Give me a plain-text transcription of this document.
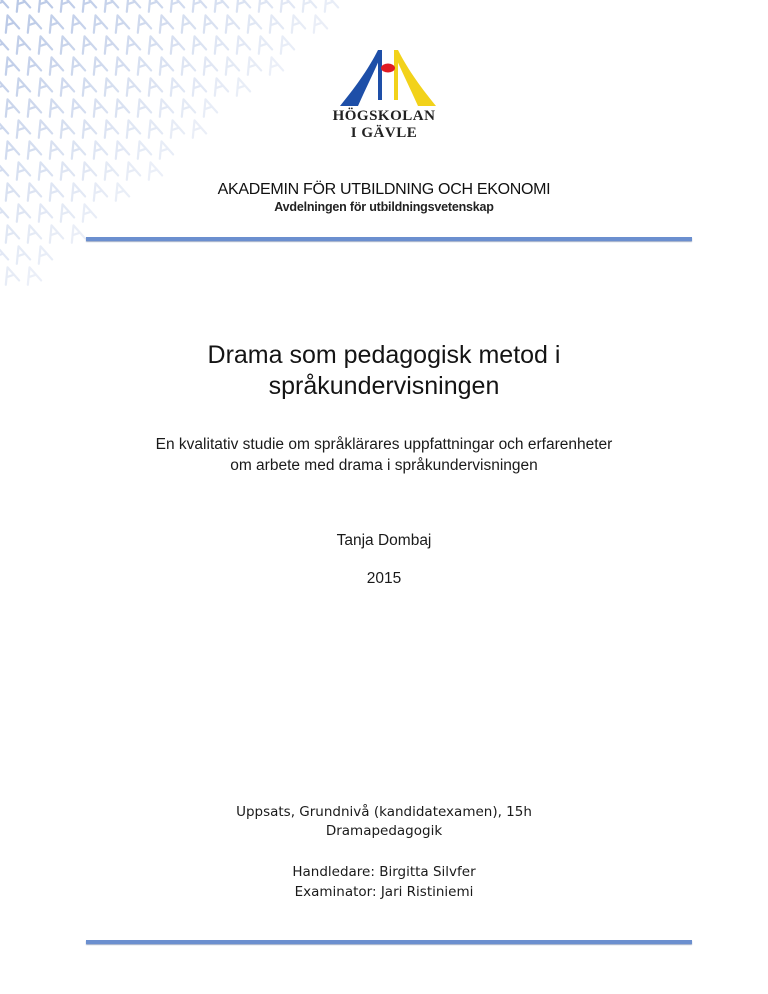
HÖGSKOLAN
I GÄVLE
AKADEMIN FÖR UTBILDNING OCH EKONOMI
Avdelningen för utbildningsvetenskap
Drama som pedagogisk metod i språkundervisningen
En kvalitativ studie om språklärares uppfattningar och erfarenheter
om arbete med drama i språkundervisningen
Tanja Dombaj
2015
Uppsats, Grundnivå (kandidatexamen), 15h
Dramapedagogik
Handledare: Birgitta Silvfer
Examinator: Jari Ristiniemi
